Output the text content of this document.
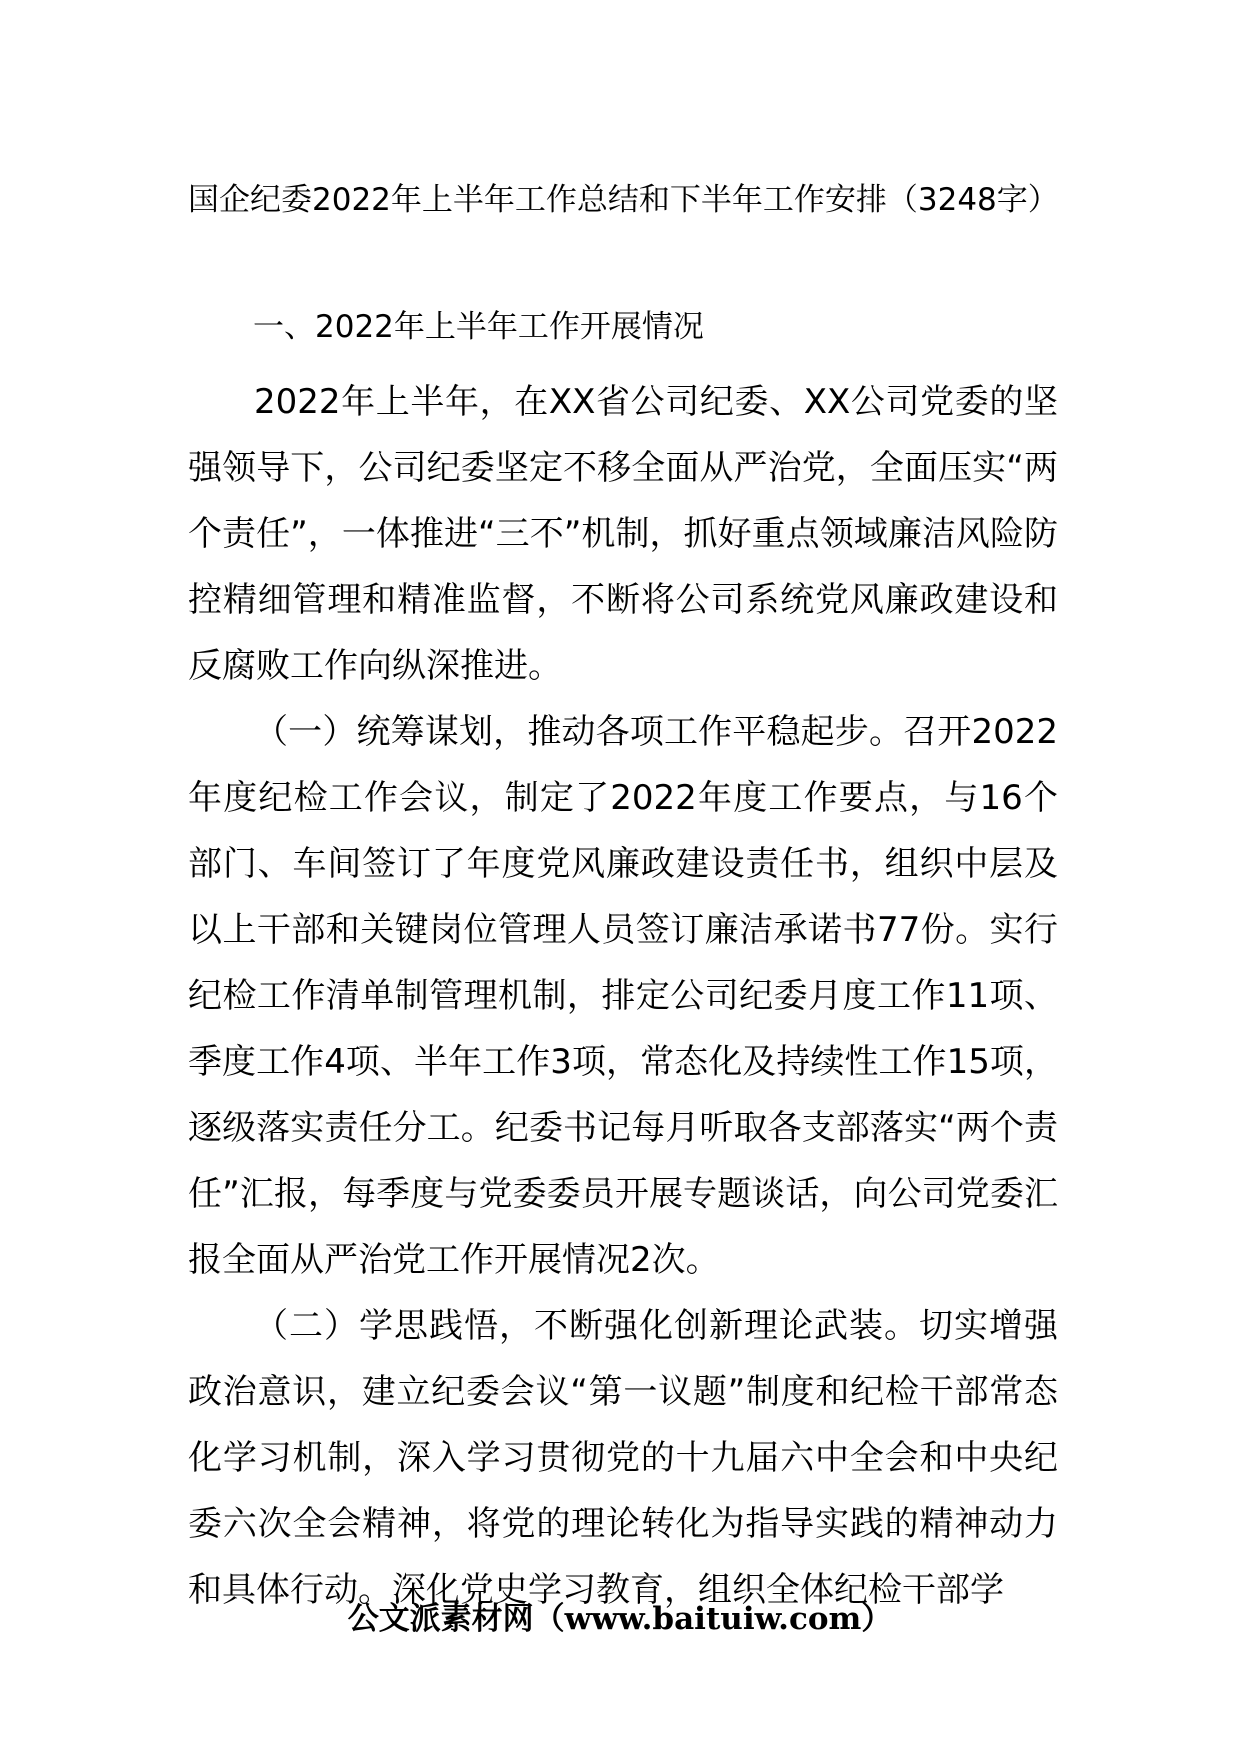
国企纪委2022年上半年工作总结和下半年工作安排（3248字）

一、2022年上半年工作开展情况

2022年上半年，在XX省公司纪委、XX公司党委的坚强领导下，公司纪委坚定不移全面从严治党，全面压实“两个责任”，一体推进“三不”机制，抓好重点领域廉洁风险防控精细管理和精准监督，不断将公司系统党风廉政建设和反腐败工作向纵深推进。

（一）统筹谋划，推动各项工作平稳起步。召开2022年度纪检工作会议，制定了2022年度工作要点，与16个部门、车间签订了年度党风廉政建设责任书，组织中层及以上干部和关键岗位管理人员签订廉洁承诺书77份。实行纪检工作清单制管理机制，排定公司纪委月度工作11项、季度工作4项、半年工作3项，常态化及持续性工作15项，逐级落实责任分工。纪委书记每月听取各支部落实“两个责任”汇报，每季度与党委委员开展专题谈话，向公司党委汇报全面从严治党工作开展情况2次。

（二）学思践悟，不断强化创新理论武装。切实增强政治意识，建立纪委会议“第一议题”制度和纪检干部常态化学习机制，深入学习贯彻党的十九届六中全会和中央纪委六次全会精神，将党的理论转化为指导实践的精神动力和具体行动。深化党史学习教育，组织全体纪检干部学

公文派素材网（www.baituiw.com）
